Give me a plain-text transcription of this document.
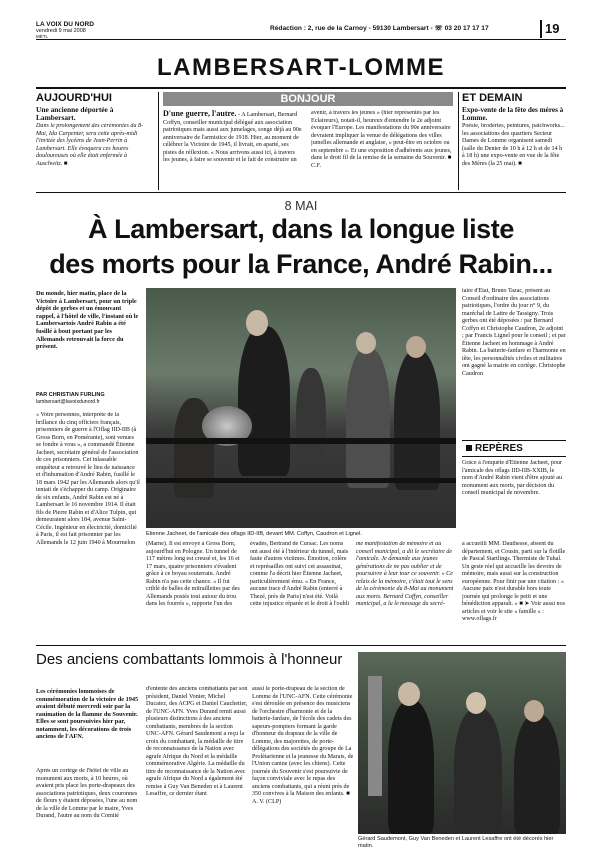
LA VOIX DU NORD
vendredi 9 mai 2008
MÉTL
Rédaction : 2, rue de la Carnoy - 59130 Lambersart - ☏ 03 20 17 17 17	19
LAMBERSART-LOMME
AUJOURD'HUI
Une ancienne déportée à Lambersart.
Dans le prolongement des cérémonies du 8-Mai, Ida Carpenter, sera cette après-midi l'invitée des lycéens de Jean-Perrin à Lambersart. Elle évoquera ces heures douloureuses où elle était enfermée à Auschwitz. ■
BONJOUR
D'une guerre, l'autre. - A Lambersart, Bernard Coffyn, conseiller municipal délégué aux association patriotiques mais aussi aux jumelages, songe déjà au 90e anniversaire de l'armistice de 1918. Hier, au moment de célébrer la Victoire de 1945, il livrait, en aparté, ses pistes de réflexion. « Nous arrivons aussi ici, à travers les jeunes, à faire se souvenir et le fait de construire un
avenir, à travers les jeunes » (hier représentés par les Eclaireurs), notait-il, heureux d'entendre le 2e adjoint évoquer l'Europe. Les manifestations du 90e anniversaire devraient impliquer la venue de délégations des villes jumelles allemande et anglaise, « peut-être en octobre ou en septembre ». Et une exposition d'adhérents aux jeunes, dans le droit fil de la remise de la semaine du Souvenir. ■ C.F.
ET DEMAIN
Expo-vente de la fête des mères à Lomme.
Poésie, broderies, peintures, patchworks... les associations des quartiers Secteur Dames de Lomme organisent samedi (salle du Denier de 10 h à 12 h et de 14 h à 18 h) une expo-vente en vue de la fête des Mères (la 25 mai). ■
8 MAI
À Lambersart, dans la longue liste
des morts pour la France, André Rabin...
Du monde, hier matin, place de la Victoire à Lambersart, pour un triple dépôt de gerbes et un émouvant rappel, à l'hôtel de ville, l'instant où le Lambersartois André Rabin a été fusillé à bout portant par les Allemands retrouvait la force du présent.
PAR CHRISTIAN FURLING
lambersart@lavoixdunord.fr
« Votre personnes, interprète de la brillance du cinq officiers français, prisonniers de guerre à l'Oflag IID-IIB (à Gross Born, en Poméranie), sont venues se fondre à vous », a commandé Étienne Jacheet, secrétaire général de l'association de ces prisonniers. Cet inlassable enquêteur a retrouvé le lieu de naissance et d'inhumation d'André Rabin, fusillé le 18 mars 1942 par les Allemands alors qu'il tentait de s'échapper du camp. Originaire de six enfants, André Rabin est né à Lambersart le 16 novembre 1914. Il était fils de Pierre Rabin et d'Alice Tulpin, qui demeuraient alors 184, avenue Saint-Cécile. Ingénieur en électricité, domicilié à Paris, il est fait prisonnier par les Allemands le 12 juin 1940 à Mourmelon
Étienne Jacheet, de l'amicale des oflags IID-IIB, devant MM. Coffyn, Caudron et Lignel.
(Marne). Il est envoyé à Gross Born, aujourd'hui en Pologne. Un tunnel de 117 mètres long est creusé et, les 16 et 17 mars, quatre prisonniers s'évadent grâce à ce boyau souterrain. André Rabin n'a pas cette chance. « Il fut criblé de balles de mitraillettes par des Allemands postés tout autour du trou dans les fourrés », rapporte l'un des
évadés, Bertrand de Cursac. Les noms ont aussi été à l'intérieur du tunnel, mais faute d'autres victimes. Émotion, colère et représailles ont suivi cet assassinat, comme l'a décrit hier Étienne Jacheet, particulièrement ému. « En France, aucune trace d'André Rabin (enterré à Thezé, près de Paris) n'est été. Voilà cette injustice réparée et le droit à l'oubli
me manifestation de mémoire et au conseil municipal, a dit le secrétaire de l'amicale. Je demande aux jeunes générations de ne pas oublier et de poursuivre à leur tour ce souvenir. » Ce relais de la mémoire, c'était tout le sens de la cérémonie du 8-Mai au monument aux morts. Bernard Coffyn, conseiller municipal, a lu le message du secré-
taire d'État, Bruno Tazac, présent au Conseil d'ordinaire des associations patriotiques, l'ordre du jour n° 9, du maréchal de Lattre de Tassigny. Trois gerbes ont été déposées : par Bernard Coffyn et Christophe Caudron, 2e adjoint ; par Francis Lignel pour le conseil ; et par Étienne Jacheet en hommage à André Rabin. La batterie-fanfare et l'harmonie en tête, les personnalités civiles et militaires ont gagné la mairie en cortège. Christophe Caudron
REPÈRES
Grâce à l'enquête d'Étienne Jacheet, pour l'amicale des oflags IID-IIB-XXIB, le nom d'André Rabin vient d'être ajouté au monument aux morts, par décision du conseil municipal de novembre.
a accueilli MM. Dauthesse, absent du département, et Cousin, parti sur la flotille de Pascal Startlings. Thermiste de Tuhal. Un geste réel qui accueille les devoirs de mémoire, mais aussi sur la construction européenne. Pour finir par une citation : « Aucune paix n'est durable hors toute journée qui prolonge le petit et une bénédiction apparaît. » ■ ➤ Voir aussi nos articles et voir le site « famille » : www.oflags.fr
Des anciens combattants lommois à l'honneur
Les cérémonies lommoises de commémoration de la victoire de 1945 avaient débuté mercredi soir par la ranimation de la flamme du Souvenir. Elles se sont poursuivies hier par, notamment, les décorations de trois anciens de l'AFN.
Après un cortège de l'hôtel de ville au monument aux morts, à 10 heures, où avaient pris place les porte-drapeaux des associations patriotiques, deux couronnes de fleurs y étaient déposées, l'une au nom de la ville de Lomme par le maire, Yves Durand, l'autre au nom du Comité
d'entente des anciens combattants par son président, Daniel Vonier, Michel Ducatez, des ACPG et Daniel Cauchetier, de l'UNC-AFN. Yves Durand remit aussi plusieurs distinctions à des anciens combattants, membres de la section UNC-AFN. Gérard Saudemont a reçu la croix du combattant, la médaille de titre de reconnaissance de la Nation avec agrafe Afrique du Nord et la médaille commémorative Algérie. La médaille du titre de reconnaissance de la Nation avec agrafe Afrique du Nord a également été remise à Guy Van Beneden et à Laurent Lesaffre, ce dernier étant
aussi le porte-drapeau de la section de Lomme de l'UNC-AFN. Cette cérémonie s'est déroulée en présence des musiciens de l'orchestre d'harmonie et de la batterie-fanfare, de l'école des cadets des sapeurs-pompiers formant la garde d'honneur du drapeau de la ville de Lomme, des majorettes, de porte-délégations des sociétés du groupe de La Prolétarienne et la jeunesse du Marais, de l'Union canine (avec les chiens). Cette journée du Souvenir s'est poursuivie de façon conviviale avec le repas des anciens combattants, qui a réuni près de 350 convives à la Maison des enfants. ■ A. V. (CLP)
Gérard Saudemont, Guy Van Beneden et Laurent Lesaffre ont été décorés hier matin.
